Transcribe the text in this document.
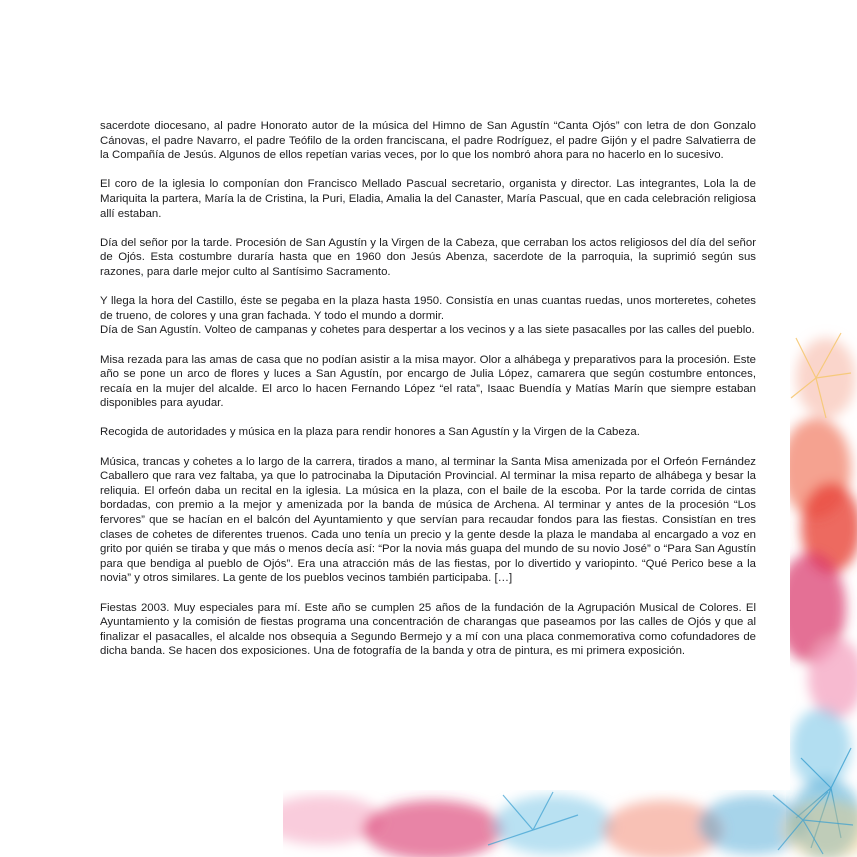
sacerdote diocesano, al padre Honorato autor de la música del Himno de San Agustín “Canta Ojós” con letra de don Gonzalo Cánovas, el padre Navarro, el padre Teófilo de la orden franciscana, el padre Rodríguez, el padre Gijón y el padre Salvatierra de la Compañía de Jesús. Algunos de ellos repetían varias veces, por lo que los nombró ahora para no hacerlo en lo sucesivo.

El coro de la iglesia lo componían don Francisco Mellado Pascual secretario, organista y director. Las integrantes, Lola la de Mariquita la partera, María la de Cristina, la Puri, Eladia, Amalia la del Canaster, María Pascual, que en cada celebración religiosa allí estaban.

Día del señor por la tarde. Procesión de San Agustín y la Virgen de la Cabeza, que cerraban los actos religiosos del día del señor de Ojós. Esta costumbre duraría hasta que en 1960 don Jesús Abenza, sacerdote de la parroquia, la suprimió según sus razones, para darle mejor culto al Santísimo Sacramento.

Y llega la hora del Castillo, éste se pegaba en la plaza hasta 1950. Consistía en unas cuantas ruedas, unos morteretes, cohetes de trueno, de colores y una gran fachada. Y todo el mundo a dormir.

Día de San Agustín. Volteo de campanas y cohetes para despertar a los vecinos y a las siete pasacalles por las calles del pueblo.

Misa rezada para las amas de casa que no podían asistir a la misa mayor. Olor a alhábega y preparativos para la procesión. Este año se pone un arco de flores y luces a San Agustín, por encargo de Julia López, camarera que según costumbre entonces, recaía en la mujer del alcalde. El arco lo hacen Fernando López “el rata”, Isaac Buendía y Matías Marín que siempre estaban disponibles para ayudar.

Recogida de autoridades y música en la plaza para rendir honores a San Agustín y la Virgen de la Cabeza.

Música, trancas y cohetes a lo largo de la carrera, tirados a mano, al terminar la Santa Misa amenizada por el Orfeón Fernández Caballero que rara vez faltaba, ya que lo patrocinaba la Diputación Provincial. Al terminar la misa reparto de alhábega y besar la reliquia. El orfeón daba un recital en la iglesia. La música en la plaza, con el baile de la escoba. Por la tarde corrida de cintas bordadas, con premio a la mejor y amenizada por la banda de música de Archena. Al terminar y antes de la procesión “Los fervores” que se hacían en el balcón del Ayuntamiento y que servían para recaudar fondos para las fiestas. Consistían en tres clases de cohetes de diferentes truenos. Cada uno tenía un precio y la gente desde la plaza le mandaba al encargado a voz en grito por quién se tiraba y que más o menos decía así: “Por la novia más guapa del mundo de su novio José” o “Para San Agustín para que bendiga al pueblo de Ojós”. Era una atracción más de las fiestas, por lo divertido y variopinto. “Qué Perico bese a la novia” y otros similares. La gente de los pueblos vecinos también participaba. […]

Fiestas 2003. Muy especiales para mí. Este año se cumplen 25 años de la fundación de la Agrupación Musical de Colores. El Ayuntamiento y la comisión de fiestas programa una concentración de charangas que paseamos por las calles de Ojós y que al finalizar el pasacalles, el alcalde nos obsequia a Segundo Bermejo y a mí con una placa conmemorativa como cofundadores de dicha banda. Se hacen dos exposiciones. Una de fotografía de la banda y otra de pintura, es mi primera exposición.
